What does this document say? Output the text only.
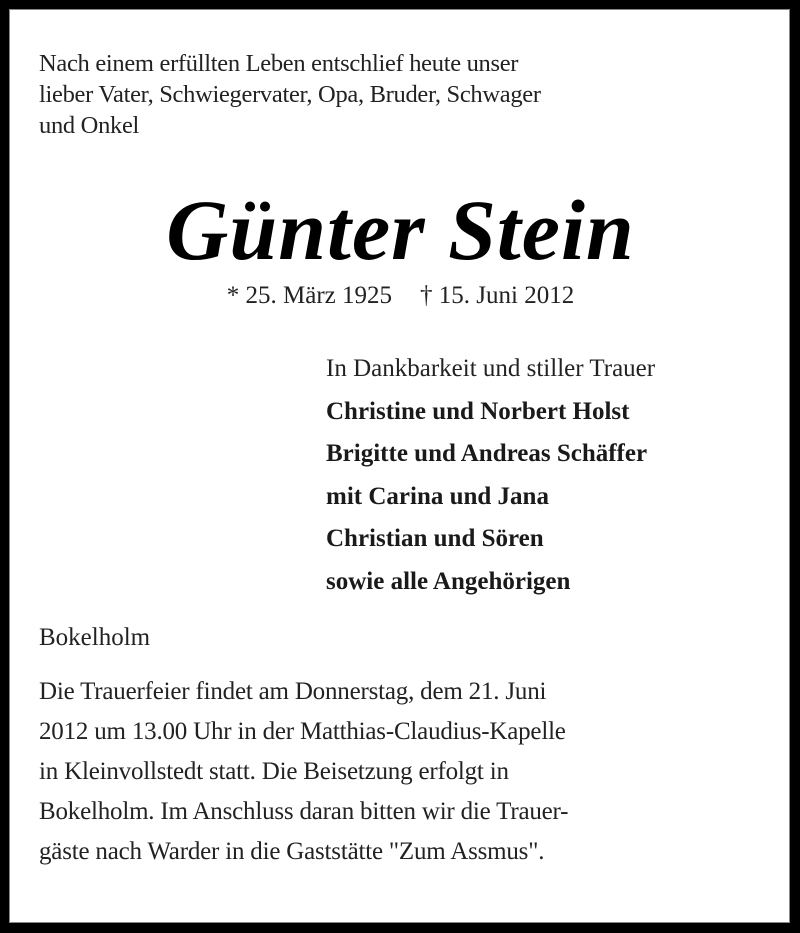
Nach einem erfüllten Leben entschlief heute unser
lieber Vater, Schwiegervater, Opa, Bruder, Schwager
und Onkel
Günter Stein
* 25. März 1925 † 15. Juni 2012
In Dankbarkeit und stiller Trauer
Christine und Norbert Holst
Brigitte und Andreas Schäffer
mit Carina und Jana
Christian und Sören
sowie alle Angehörigen
Bokelholm
Die Trauerfeier findet am Donnerstag, dem 21. Juni
2012 um 13.00 Uhr in der Matthias-Claudius-Kapelle
in Kleinvollstedt statt. Die Beisetzung erfolgt in
Bokelholm. Im Anschluss daran bitten wir die Trauer-
gäste nach Warder in die Gaststätte "Zum Assmus".
